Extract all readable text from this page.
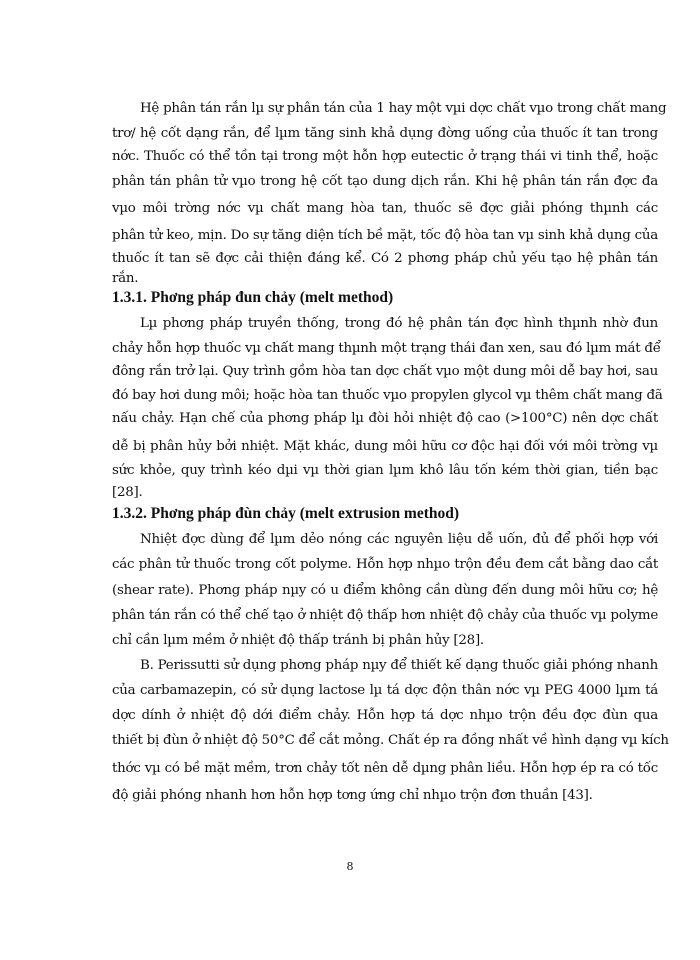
Hệ phân tán rắn lµ sự phân tán của 1 hay một vµi dợc chất vµo trong chất mang
trơ/ hệ cốt dạng rắn, để lµm tăng sinh khả dụng đờng uống của thuốc ít tan trong
nớc. Thuốc có thể tồn tại trong một hỗn hợp eutectic ở trạng thái vi tinh thể, hoặc
phân tán phân tử vµo trong hệ cốt tạo dung dịch rắn. Khi hệ phân tán rắn đợc đa
vµo môi trờng nớc vµ chất mang hòa tan, thuốc sẽ đợc giải phóng thµnh các
phân tử keo, mịn. Do sự tăng diện tích bề mặt, tốc độ hòa tan vµ sinh khả dụng của
thuốc ít tan sẽ đợc cải thiện đáng kể. Có 2 phơng pháp chủ yếu tạo hệ phân tán
rắn.
1.3.1. Phơng pháp đun chảy (melt method)
Lµ phơng pháp truyền thống, trong đó hệ phân tán đợc hình thµnh nhờ đun
chảy hỗn hợp thuốc vµ chất mang thµnh một trạng thái đan xen, sau đó lµm mát để
đông rắn trở lại. Quy trình gồm hòa tan dợc chất vµo một dung môi dễ bay hơi, sau
đó bay hơi dung môi; hoặc hòa tan thuốc vµo propylen glycol vµ thêm chất mang đã
nấu chảy. Hạn chế của phơng pháp lµ đòi hỏi nhiệt độ cao (>100°C) nên dợc chất
dễ bị phân hủy bởi nhiệt. Mặt khác, dung môi hữu cơ độc hại đối với môi trờng vµ
sức khỏe, quy trình kéo dµi vµ thời gian lµm khô lâu tốn kém thời gian, tiền bạc
[28].
1.3.2. Phơng pháp đùn chảy (melt extrusion method)
Nhiệt đợc dùng để lµm dẻo nóng các nguyên liệu dễ uốn, đủ để phối hợp với
các phân tử thuốc trong cốt polyme. Hỗn hợp nhµo trộn đều đem cắt bằng dao cắt
(shear rate). Phơng pháp nµy có u điểm không cần dùng đến dung môi hữu cơ; hệ
phân tán rắn có thể chế tạo ở nhiệt độ thấp hơn nhiệt độ chảy của thuốc vµ polyme
chỉ cần lµm mềm ở nhiệt độ thấp tránh bị phân hủy [28].
B. Perissutti sử dụng phơng pháp nµy để thiết kế dạng thuốc giải phóng nhanh
của carbamazepin, có sử dụng lactose lµ tá dợc độn thân nớc vµ PEG 4000 lµm tá
dợc dính ở nhiệt độ dới điểm chảy. Hỗn hợp tá dợc nhµo trộn đều đợc đùn qua
thiết bị đùn ở nhiệt độ 50°C để cắt mỏng. Chất ép ra đồng nhất về hình dạng vµ kích
thớc vµ có bề mặt mềm, trơn chảy tốt nên dễ dµng phân liều. Hỗn hợp ép ra có tốc
độ giải phóng nhanh hơn hỗn hợp tơng ứng chỉ nhµo trộn đơn thuần [43].
8
